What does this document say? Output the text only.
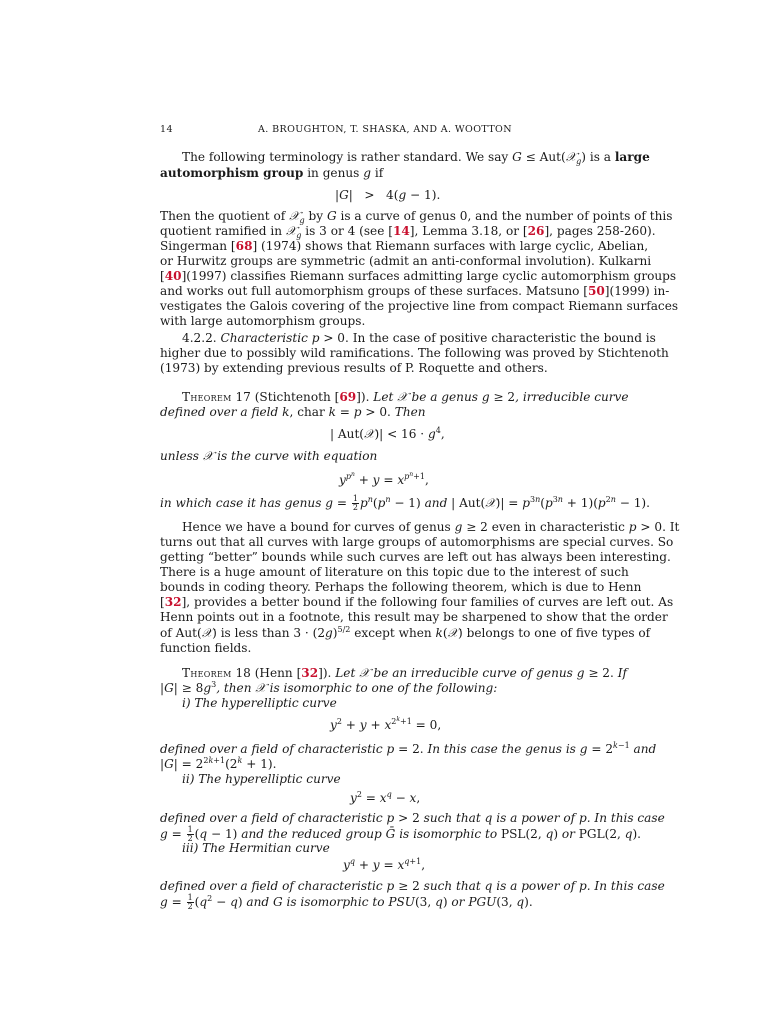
14	A. BROUGHTON, T. SHASKA, AND A. WOOTTON
The following terminology is rather standard. We say G ≤ Aut(𝒳$_g$) is a large
automorphism group in genus g if
|G|   >   4(g − 1).
Then the quotient of 𝒳$_g$ by G is a curve of genus 0, and the number of points of this
quotient ramified in 𝒳$_g$ is 3 or 4 (see [14], Lemma 3.18, or [26], pages 258-260).
Singerman [68] (1974) shows that Riemann surfaces with large cyclic, Abelian,
or Hurwitz groups are symmetric (admit an anti-conformal involution). Kulkarni
[40](1997) classifies Riemann surfaces admitting large cyclic automorphism groups
and works out full automorphism groups of these surfaces. Matsuno [50](1999) in-
vestigates the Galois covering of the projective line from compact Riemann surfaces
with large automorphism groups.
4.2.2. Characteristic p > 0. In the case of positive characteristic the bound is
higher due to possibly wild ramifications. The following was proved by Stichtenoth
(1973) by extending previous results of P. Roquette and others.
Theorem 17 (Stichtenoth [69]). Let 𝒳 be a genus g ≥ 2, irreducible curve
defined over a field k, char k = p > 0. Then
| Aut(𝒳)| < $16 \cdot g^4$,
unless 𝒳 is the curve with equation
$y^{p^n} + y = x^{p^n+1}$,
in which case it has genus $g = \frac{1}{2} p^n(p^n - 1)$ and | Aut(𝒳)| = $p^{3n}(p^{3n} + 1)(p^{2n} - 1)$.
Hence we have a bound for curves of genus g ≥ 2 even in characteristic p > 0. It
turns out that all curves with large groups of automorphisms are special curves. So
getting “better” bounds while such curves are left out has always been interesting.
There is a huge amount of literature on this topic due to the interest of such
bounds in coding theory. Perhaps the following theorem, which is due to Henn
[32], provides a better bound if the following four families of curves are left out. As
Henn points out in a footnote, this result may be sharpened to show that the order
of Aut(𝒳) is less than $3 \cdot (2g)^{5/2}$ except when k(𝒳) belongs to one of five types of
function fields.
Theorem 18 (Henn [32]). Let 𝒳 be an irreducible curve of genus g ≥ 2. If
$|G| \ge 8g^3$, then 𝒳 is isomorphic to one of the following:
i) The hyperelliptic curve
$y^2 + y + x^{2^k+1} = 0$,
defined over a field of characteristic p = 2. In this case the genus is $g = 2^{k-1}$ and
$|G| = 2^{2k+1}(2^k + 1)$.
ii) The hyperelliptic curve
$y^2 = x^q - x$,
defined over a field of characteristic p > 2 such that q is a power of p. In this case
$g = \frac{1}{2} (q - 1)$ and the reduced group Ḡ is isomorphic to PSL(2, q) or PGL(2, q).
iii) The Hermitian curve
$y^q + y = x^{q+1}$,
defined over a field of characteristic p ≥ 2 such that q is a power of p. In this case
$g = \frac{1}{2} (q^2 - q)$ and G is isomorphic to PSU(3, q) or PGU(3, q).
